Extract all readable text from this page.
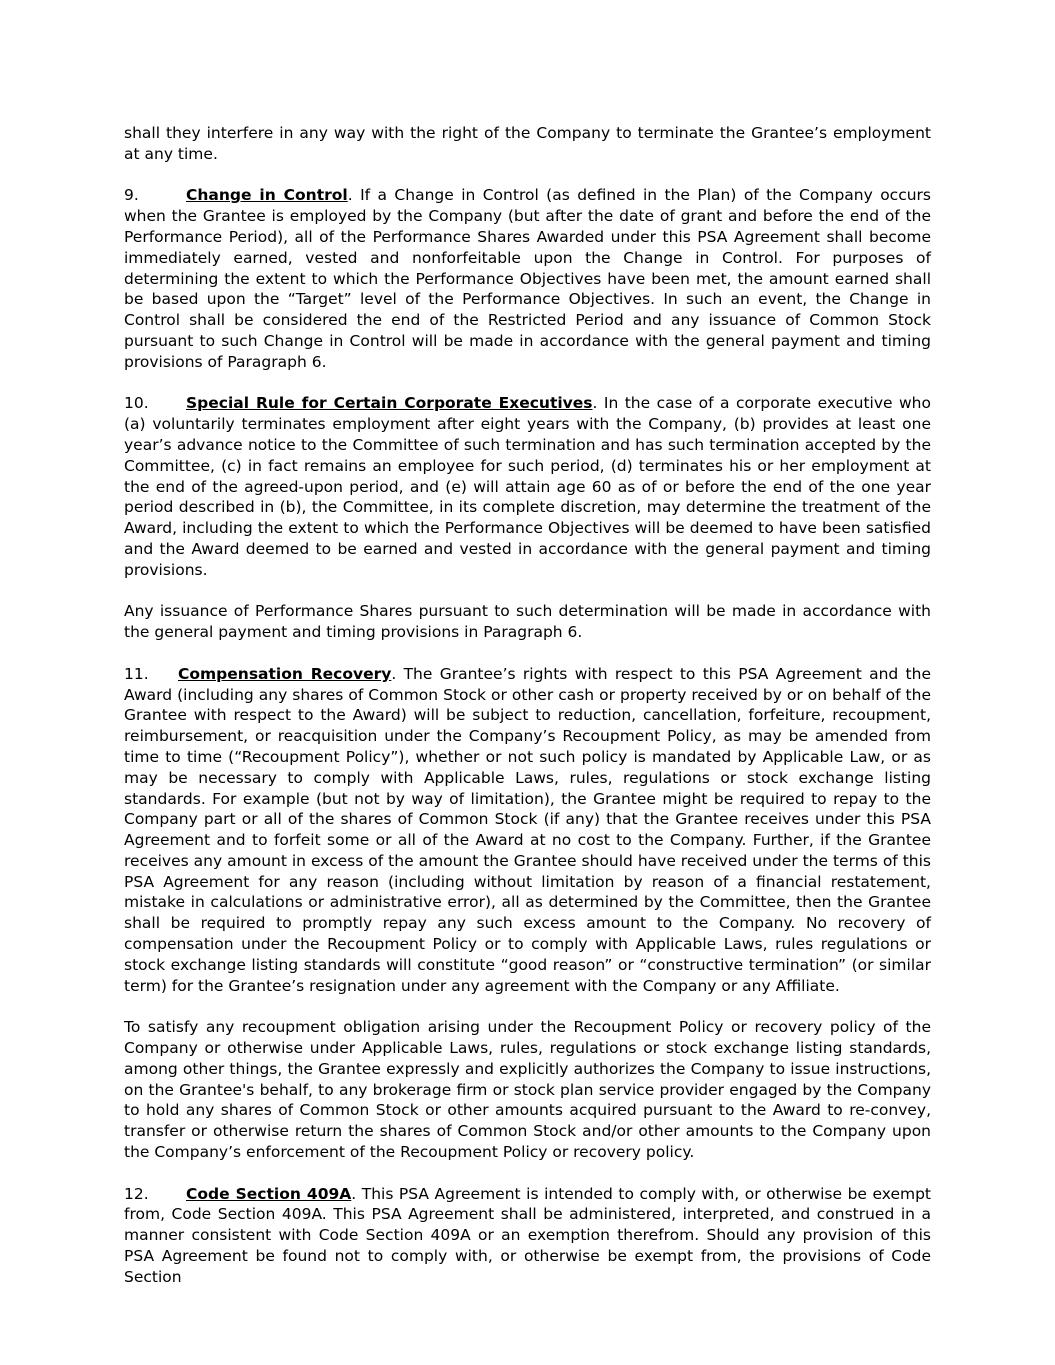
shall they interfere in any way with the right of the Company to terminate the Grantee’s employment at any time.

9.	Change in Control. If a Change in Control (as defined in the Plan) of the Company occurs when the Grantee is employed by the Company (but after the date of grant and before the end of the Performance Period), all of the Performance Shares Awarded under this PSA Agreement shall become immediately earned, vested and nonforfeitable upon the Change in Control. For purposes of determining the extent to which the Performance Objectives have been met, the amount earned shall be based upon the “Target” level of the Performance Objectives. In such an event, the Change in Control shall be considered the end of the Restricted Period and any issuance of Common Stock pursuant to such Change in Control will be made in accordance with the general payment and timing provisions of Paragraph 6.

10. Special Rule for Certain Corporate Executives. In the case of a corporate executive who (a) voluntarily terminates employment after eight years with the Company, (b) provides at least one year’s advance notice to the Committee of such termination and has such termination accepted by the Committee, (c) in fact remains an employee for such period, (d) terminates his or her employment at the end of the agreed-upon period, and (e) will attain age 60 as of or before the end of the one year period described in (b), the Committee, in its complete discretion, may determine the treatment of the Award, including the extent to which the Performance Objectives will be deemed to have been satisfied and the Award deemed to be earned and vested in accordance with the general payment and timing provisions.

Any issuance of Performance Shares pursuant to such determination will be made in accordance with the general payment and timing provisions in Paragraph 6.

11. Compensation Recovery. The Grantee’s rights with respect to this PSA Agreement and the Award (including any shares of Common Stock or other cash or property received by or on behalf of the Grantee with respect to the Award) will be subject to reduction, cancellation, forfeiture, recoupment, reimbursement, or reacquisition under the Company’s Recoupment Policy, as may be amended from time to time (“Recoupment Policy”), whether or not such policy is mandated by Applicable Law, or as may be necessary to comply with Applicable Laws, rules, regulations or stock exchange listing standards. For example (but not by way of limitation), the Grantee might be required to repay to the Company part or all of the shares of Common Stock (if any) that the Grantee receives under this PSA Agreement and to forfeit some or all of the Award at no cost to the Company. Further, if the Grantee receives any amount in excess of the amount the Grantee should have received under the terms of this PSA Agreement for any reason (including without limitation by reason of a financial restatement, mistake in calculations or administrative error), all as determined by the Committee, then the Grantee shall be required to promptly repay any such excess amount to the Company. No recovery of compensation under the Recoupment Policy or to comply with Applicable Laws, rules regulations or stock exchange listing standards will constitute “good reason” or “constructive termination” (or similar term) for the Grantee’s resignation under any agreement with the Company or any Affiliate.

To satisfy any recoupment obligation arising under the Recoupment Policy or recovery policy of the Company or otherwise under Applicable Laws, rules, regulations or stock exchange listing standards, among other things, the Grantee expressly and explicitly authorizes the Company to issue instructions, on the Grantee's behalf, to any brokerage firm or stock plan service provider engaged by the Company to hold any shares of Common Stock or other amounts acquired pursuant to the Award to re-convey, transfer or otherwise return the shares of Common Stock and/or other amounts to the Company upon the Company’s enforcement of the Recoupment Policy or recovery policy.

12. Code Section 409A. This PSA Agreement is intended to comply with, or otherwise be exempt from, Code Section 409A. This PSA Agreement shall be administered, interpreted, and construed in a manner consistent with Code Section 409A or an exemption therefrom. Should any provision of this PSA Agreement be found not to comply with, or otherwise be exempt from, the provisions of Code Section
